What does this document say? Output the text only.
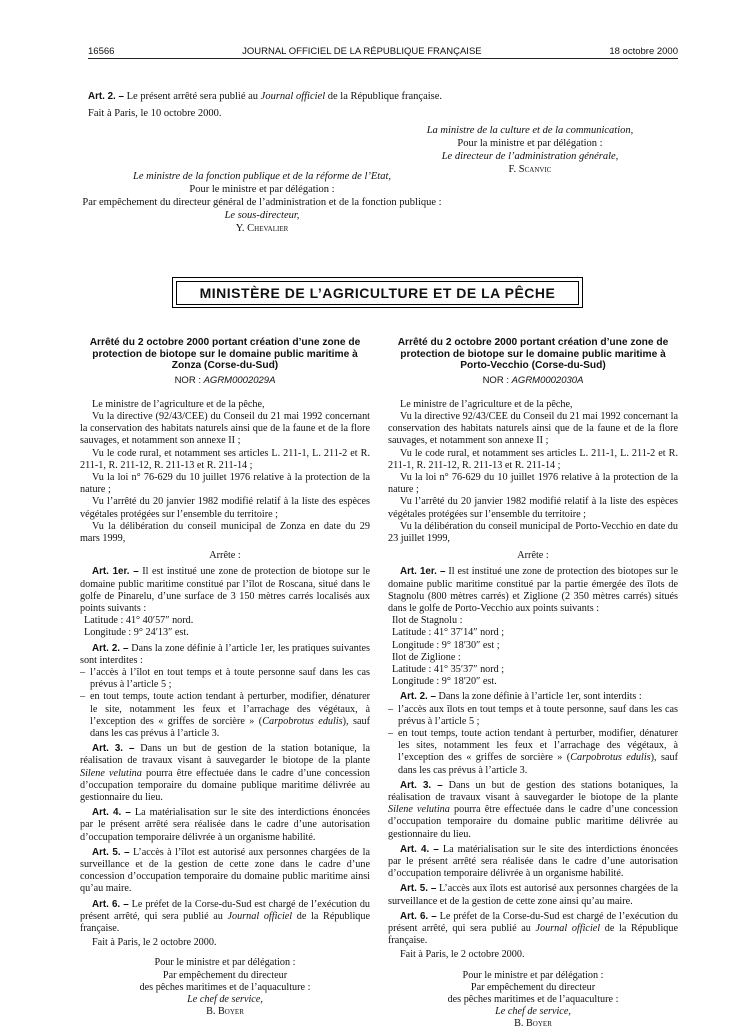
16566	JOURNAL OFFICIEL DE LA RÉPUBLIQUE FRANÇAISE	18 octobre 2000

Art. 2. – Le présent arrêté sera publié au Journal officiel de la République française.

Fait à Paris, le 10 octobre 2000.

La ministre de la culture et de la communication,
Pour la ministre et par délégation :
Le directeur de l’administration générale,
F. Scanvic
Le ministre de la fonction publique et de la réforme de l’Etat,
Pour le ministre et par délégation :
Par empêchement du directeur général de l’administration et de la fonction publique :
Le sous-directeur,
Y. Chevalier
MINISTÈRE DE L’AGRICULTURE ET DE LA PÊCHE
Arrêté du 2 octobre 2000 portant création d’une zone de protection de biotope sur le domaine public maritime à Zonza (Corse-du-Sud)
NOR : AGRM0002029A

Le ministre de l’agriculture et de la pêche,

Vu la directive (92/43/CEE) du Conseil du 21 mai 1992 concernant la conservation des habitats naturels ainsi que de la faune et de la flore sauvages, et notamment son annexe II ;

Vu le code rural, et notamment ses articles L. 211-1, L. 211-2 et R. 211-1, R. 211-12, R. 211-13 et R. 211-14 ;

Vu la loi n° 76-629 du 10 juillet 1976 relative à la protection de la nature ;

Vu l’arrêté du 20 janvier 1982 modifié relatif à la liste des espèces végétales protégées sur l’ensemble du territoire ;

Vu la délibération du conseil municipal de Zonza en date du 29 mars 1999,

Arrête :

Art. 1er. – Il est institué une zone de protection de biotope sur le domaine public maritime constitué par l’îlot de Roscana, situé dans le golfe de Pinarelu, d’une surface de 3 150 mètres carrés localisés aux points suivants :

Latitude : 41° 40′57″ nord.

Longitude : 9° 24′13″ est.

Art. 2. – Dans la zone définie à l’article 1er, les pratiques suivantes sont interdites :

– l’accès à l’îlot en tout temps et à toute personne sauf dans les cas prévus à l’article 5 ;
– en tout temps, toute action tendant à perturber, modifier, dénaturer le site, notamment les feux et l’arrachage des végétaux, à l’exception des « griffes de sorcière » (Carpobrotus edulis), sauf dans les cas prévus à l’article 3.

Art. 3. – Dans un but de gestion de la station botanique, la réalisation de travaux visant à sauvegarder le biotope de la plante Silene velutina pourra être effectuée dans le cadre d’une concession d’occupation temporaire du domaine publique maritime délivrée au gestionnaire du lieu.

Art. 4. – La matérialisation sur le site des interdictions énoncées par le présent arrêté sera réalisée dans le cadre d’une autorisation d’occupation temporaire délivrée à un organisme habilité.

Art. 5. – L’accès à l’îlot est autorisé aux personnes chargées de la surveillance et de la gestion de cette zone dans le cadre d’une concession d’occupation temporaire du domaine public maritime ainsi qu’au maire.

Art. 6. – Le préfet de la Corse-du-Sud est chargé de l’exécution du présent arrêté, qui sera publié au Journal officiel de la République française.

Fait à Paris, le 2 octobre 2000.

Pour le ministre et par délégation :

Par empêchement du directeur

des pêches maritimes et de l’aquaculture :

Le chef de service,

B. Boyer

Arrêté du 2 octobre 2000 portant création d’une zone de protection de biotope sur le domaine public maritime à Porto-Vecchio (Corse-du-Sud)
NOR : AGRM0002030A

Le ministre de l’agriculture et de la pêche,

Vu la directive 92/43/CEE du Conseil du 21 mai 1992 concernant la conservation des habitats naturels ainsi que de la faune et de la flore sauvages, et notamment son annexe II ;

Vu le code rural, et notamment ses articles L. 211-1, L. 211-2 et R. 211-1, R. 211-12, R. 211-13 et R. 211-14 ;

Vu la loi n° 76-629 du 10 juillet 1976 relative à la protection de la nature ;

Vu l’arrêté du 20 janvier 1982 modifié relatif à la liste des espèces végétales protégées sur l’ensemble du territoire ;

Vu la délibération du conseil municipal de Porto-Vecchio en date du 23 juillet 1999,

Arrête :

Art. 1er. – Il est institué une zone de protection des biotopes sur le domaine public maritime constitué par la partie émergée des îlots de Stagnolu (800 mètres carrés) et Ziglione (2 350 mètres carrés) situés dans le golfe de Porto-Vecchio aux points suivants :

Ilot de Stagnolu :

Latitude : 41° 37′14″ nord ;

Longitude : 9° 18′30″ est ;

Ilot de Ziglione :

Latitude : 41° 35′37″ nord ;

Longitude : 9° 18′20″ est.

Art. 2. – Dans la zone définie à l’article 1er, sont interdits :

– l’accès aux îlots en tout temps et à toute personne, sauf dans les cas prévus à l’article 5 ;
– en tout temps, toute action tendant à perturber, modifier, dénaturer les sites, notamment les feux et l’arrachage des végétaux, à l’exception des « griffes de sorcière » (Carpobrotus edulis), sauf dans les cas prévus à l’article 3.

Art. 3. – Dans un but de gestion des stations botaniques, la réalisation de travaux visant à sauvegarder le biotope de la plante Silene velutina pourra être effectuée dans le cadre d’une concession d’occupation temporaire du domaine public maritime délivrée au gestionnaire du lieu.

Art. 4. – La matérialisation sur le site des interdictions énoncées par le présent arrêté sera réalisée dans le cadre d’une autorisation d’occupation temporaire délivrée à un organisme habilité.

Art. 5. – L’accès aux îlots est autorisé aux personnes chargées de la surveillance et de la gestion de cette zone ainsi qu’au maire.

Art. 6. – Le préfet de la Corse-du-Sud est chargé de l’exécution du présent arrêté, qui sera publié au Journal officiel de la République française.

Fait à Paris, le 2 octobre 2000.

Pour le ministre et par délégation :

Par empêchement du directeur

des pêches maritimes et de l’aquaculture :

Le chef de service,

B. Boyer
